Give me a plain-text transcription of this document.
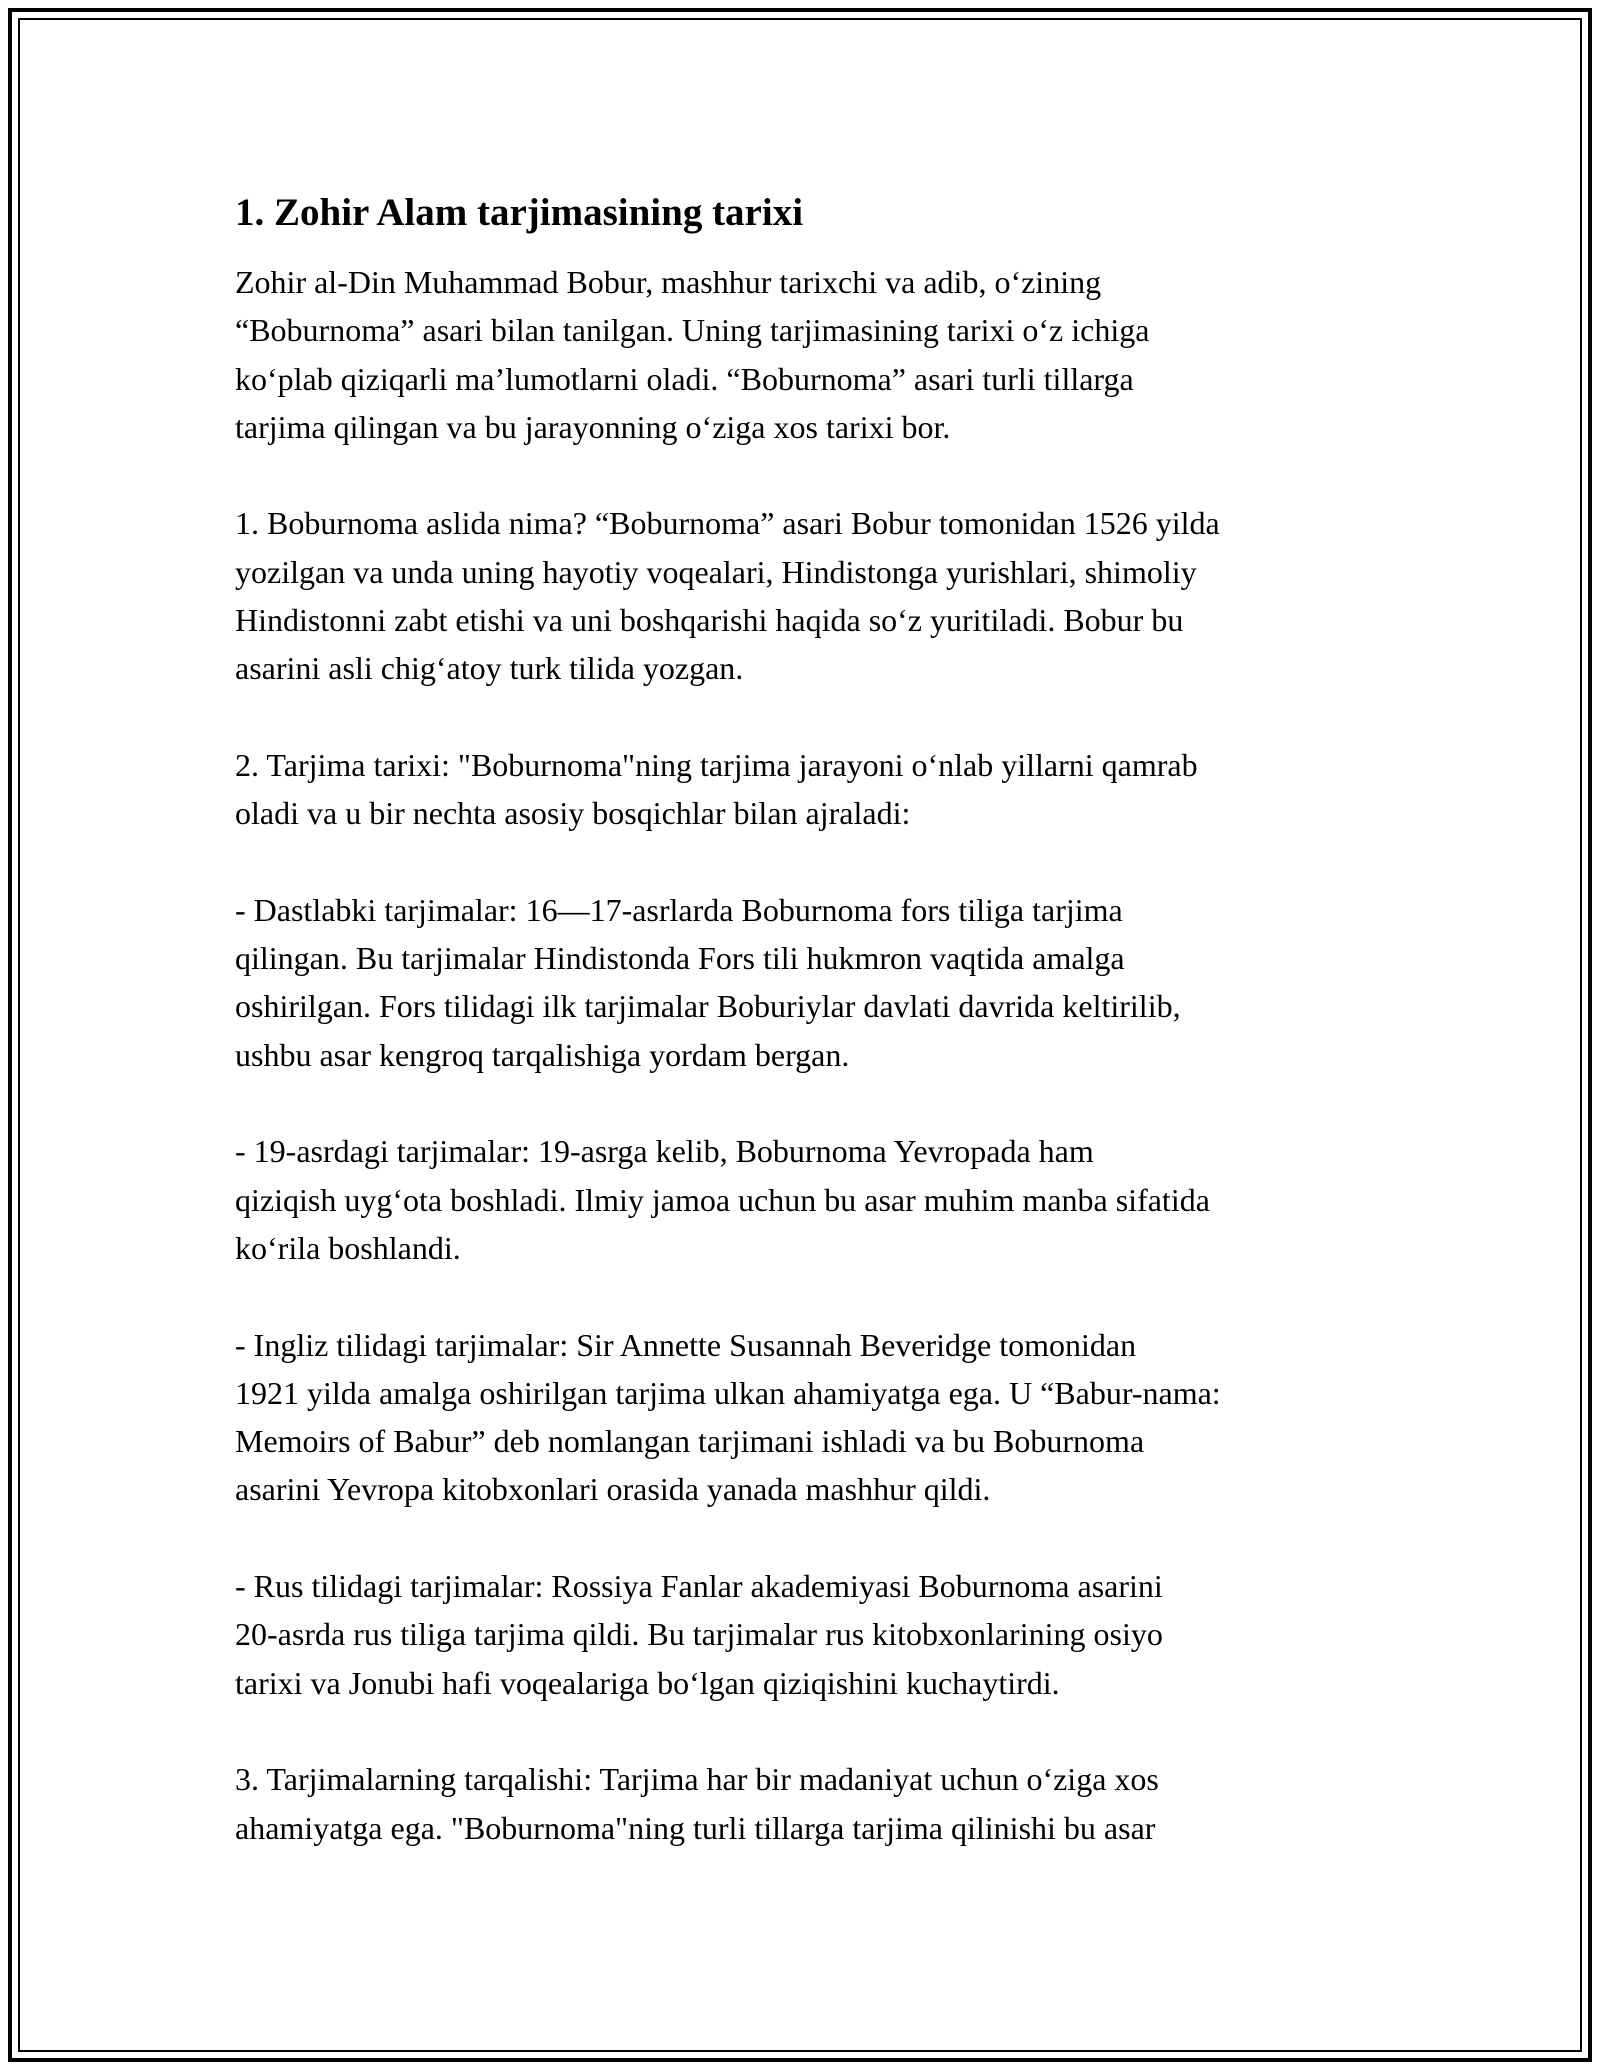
1. Zohir Alam tarjimasining tarixi

Zohir al-Din Muhammad Bobur, mashhur tarixchi va adib, o‘zining
“Boburnoma” asari bilan tanilgan. Uning tarjimasining tarixi o‘z ichiga
ko‘plab qiziqarli ma’lumotlarni oladi. “Boburnoma” asari turli tillarga
tarjima qilingan va bu jarayonning o‘ziga xos tarixi bor.

1. Boburnoma aslida nima? “Boburnoma” asari Bobur tomonidan 1526 yilda
yozilgan va unda uning hayotiy voqealari, Hindistonga yurishlari, shimoliy
Hindistonni zabt etishi va uni boshqarishi haqida so‘z yuritiladi. Bobur bu
asarini asli chig‘atoy turk tilida yozgan.

2. Tarjima tarixi: "Boburnoma"ning tarjima jarayoni o‘nlab yillarni qamrab
oladi va u bir nechta asosiy bosqichlar bilan ajraladi:

- Dastlabki tarjimalar: 16—17-asrlarda Boburnoma fors tiliga tarjima
qilingan. Bu tarjimalar Hindistonda Fors tili hukmron vaqtida amalga
oshirilgan. Fors tilidagi ilk tarjimalar Boburiylar davlati davrida keltirilib,
ushbu asar kengroq tarqalishiga yordam bergan.

- 19-asrdagi tarjimalar: 19-asrga kelib, Boburnoma Yevropada ham
qiziqish uyg‘ota boshladi. Ilmiy jamoa uchun bu asar muhim manba sifatida
ko‘rila boshlandi.

- Ingliz tilidagi tarjimalar: Sir Annette Susannah Beveridge tomonidan
1921 yilda amalga oshirilgan tarjima ulkan ahamiyatga ega. U “Babur-nama:
Memoirs of Babur” deb nomlangan tarjimani ishladi va bu Boburnoma
asarini Yevropa kitobxonlari orasida yanada mashhur qildi.

- Rus tilidagi tarjimalar: Rossiya Fanlar akademiyasi Boburnoma asarini
20-asrda rus tiliga tarjima qildi. Bu tarjimalar rus kitobxonlarining osiyo
tarixi va Jonubi hafi voqealariga bo‘lgan qiziqishini kuchaytirdi.

3. Tarjimalarning tarqalishi: Tarjima har bir madaniyat uchun o‘ziga xos
ahamiyatga ega. "Boburnoma"ning turli tillarga tarjima qilinishi bu asar
